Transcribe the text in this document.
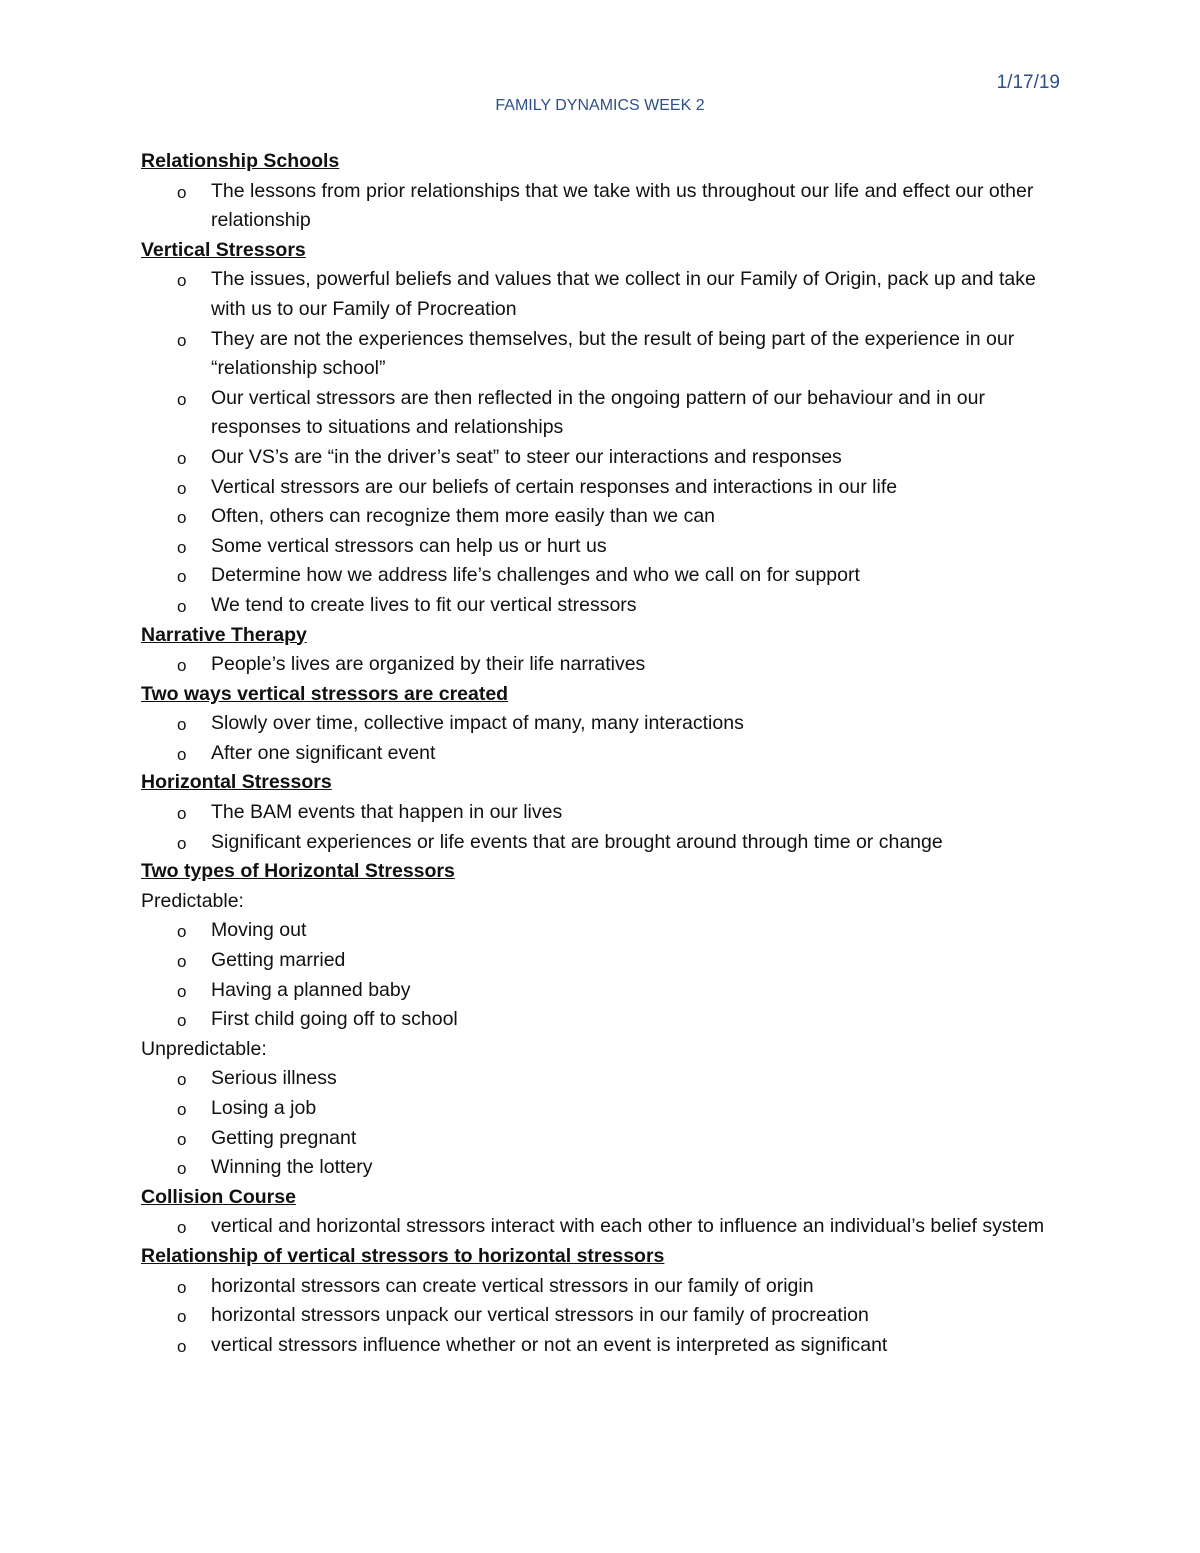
1/17/19
FAMILY DYNAMICS WEEK 2
Relationship Schools
o The lessons from prior relationships that we take with us throughout our life and effect our other relationship
Vertical Stressors
o The issues, powerful beliefs and values that we collect in our Family of Origin, pack up and take with us to our Family of Procreation
o They are not the experiences themselves, but the result of being part of the experience in our “relationship school”
o Our vertical stressors are then reflected in the ongoing pattern of our behaviour and in our responses to situations and relationships
o Our VS’s are “in the driver’s seat” to steer our interactions and responses
o Vertical stressors are our beliefs of certain responses and interactions in our life
o Often, others can recognize them more easily than we can
o Some vertical stressors can help us or hurt us
o Determine how we address life’s challenges and who we call on for support
o We tend to create lives to fit our vertical stressors
Narrative Therapy
o People’s lives are organized by their life narratives
Two ways vertical stressors are created
o Slowly over time, collective impact of many, many interactions
o After one significant event
Horizontal Stressors
o The BAM events that happen in our lives
o Significant experiences or life events that are brought around through time or change
Two types of Horizontal Stressors
Predictable:
o Moving out
o Getting married
o Having a planned baby
o First child going off to school
Unpredictable:
o Serious illness
o Losing a job
o Getting pregnant
o Winning the lottery
Collision Course
o vertical and horizontal stressors interact with each other to influence an individual’s belief system
Relationship of vertical stressors to horizontal stressors
o horizontal stressors can create vertical stressors in our family of origin
o horizontal stressors unpack our vertical stressors in our family of procreation
o vertical stressors influence whether or not an event is interpreted as significant
